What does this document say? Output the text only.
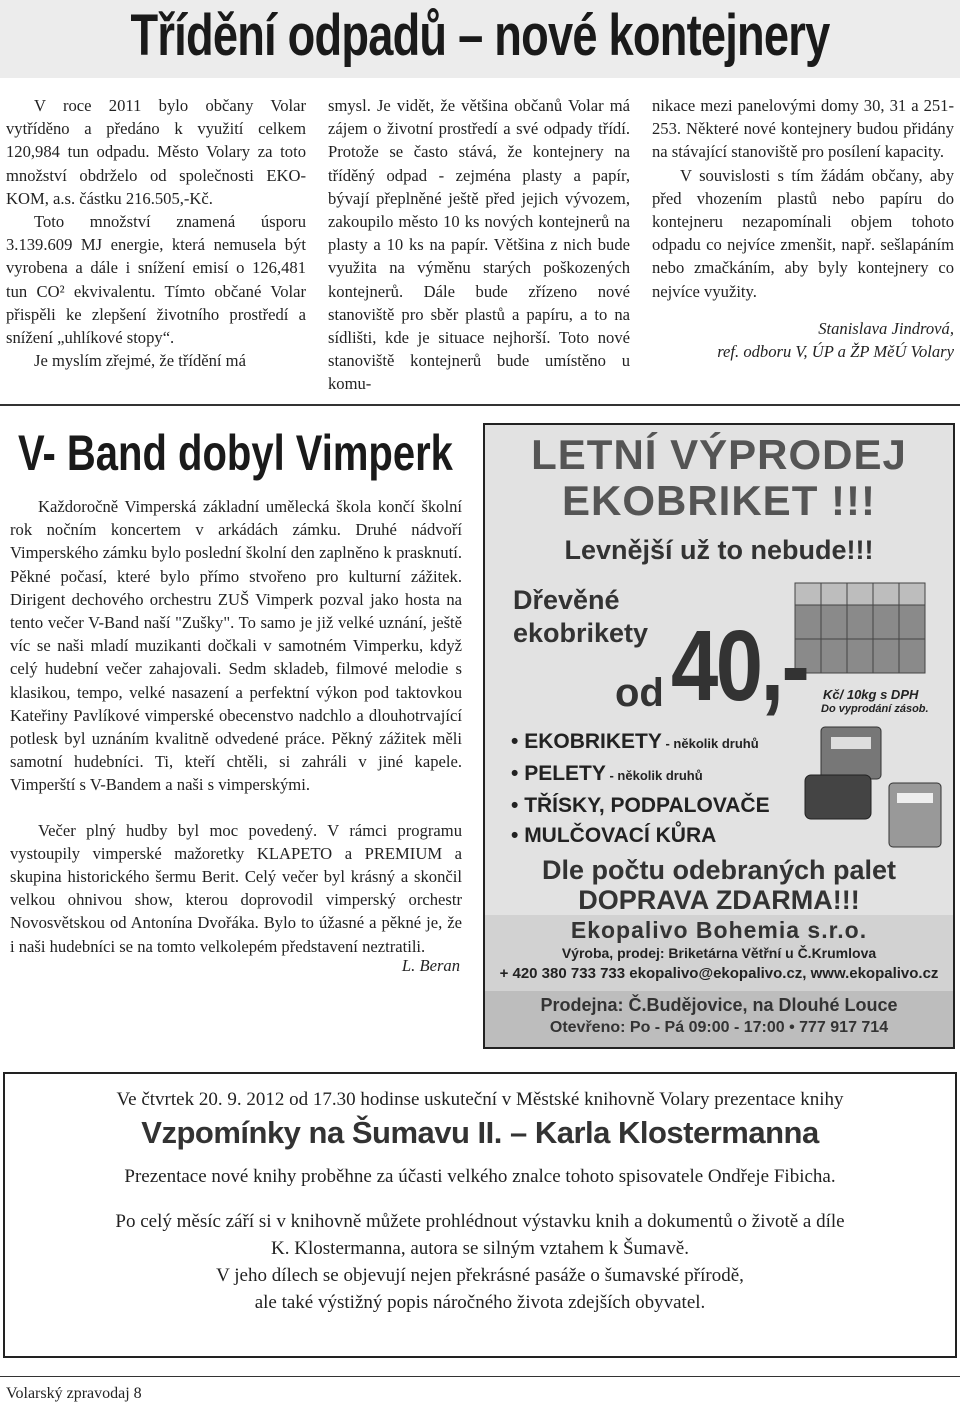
Třídění odpadů – nové kontejnery

V roce 2011 bylo občany Volar vytříděno a předáno k využití celkem 120,984 tun odpadu. Město Volary za toto množství obdrželo od společnosti EKO-KOM, a.s. částku 216.505,-Kč.

Toto množství znamená úsporu 3.139.609 MJ energie, která nemusela být vyrobena a dále i snížení emisí o 126,481 tun CO² ekvivalentu. Tímto občané Volar přispěli ke zlepšení životního prostředí a snížení „uhlíkové stopy“.

Je myslím zřejmé, že třídění má

smysl. Je vidět, že většina občanů Volar má zájem o životní prostředí a své odpady třídí. Protože se často stává, že kontejnery na tříděný odpad - zejména plasty a papír, bývají přeplněné ještě před jejich vývozem, zakoupilo město 10 ks nových kontejnerů na plasty a 10 ks na papír. Většina z nich bude využita na výměnu starých poškozených kontejnerů. Dále bude zřízeno nové stanoviště pro sběr plastů a papíru, a to na sídlišti, kde je situace nejhorší. Toto nové stanoviště kontejnerů bude umístěno u komu-

nikace mezi panelovými domy 30, 31 a 251-253. Některé nové kontejnery budou přidány na stávající stanoviště pro posílení kapacity.

V souvislosti s tím žádám občany, aby před vhozením plastů nebo papíru do kontejneru nezapomínali objem tohoto odpadu co nejvíce zmenšit, např. sešlapáním nebo zmačkáním, aby byly kontejnery co nejvíce využity.

Stanislava Jindrová,

ref. odboru V, ÚP a ŽP MěÚ Volary

V- Band dobyl Vimperk

Každoročně Vimperská základní umělecká škola končí školní rok nočním koncertem v arkádách zámku. Druhé nádvoří Vimperského zámku bylo poslední školní den zaplněno k prasknutí. Pěkné počasí, které bylo přímo stvořeno pro kulturní zážitek. Dirigent dechového orchestru ZUŠ Vimperk pozval jako hosta na tento večer V-Band naší "Zušky". To samo je již velké uznání, ještě víc se naši mladí muzikanti dočkali v samotném Vimperku, když celý hudební večer zahajovali. Sedm skladeb, filmové melodie s klasikou, tempo, velké nasazení a perfektní výkon pod taktovkou Kateřiny Pavlíkové vimperské obecenstvo nadchlo a dlouhotrvající potlesk byl uznáním kvalitně odvedené práce. Pěkný zážitek měli samotní hudebníci. Ti, kteří chtěli, si zahráli v jiné kapele. Vimperští s V-Bandem a naši s vimperskými.

Večer plný hudby byl moc povedený. V rámci programu vystoupily vimperské mažoretky KLAPETO a PREMIUM a skupina historického šermu Berit. Celý večer byl krásný a skončil velkou ohnivou show, kterou doprovodil vimperský orchestr Novosvětskou od Antonína Dvořáka. Bylo to úžasné a pěkné je, že i naši hudebníci se na tomto velkolepém představení neztratili.

L. Beran

LETNÍ VÝPRODEJ
EKOBRIKET !!!
Levnější už to nebude!!!
Dřevěné
ekobrikety
od 40,- Kč/ 10kg s DPH
Do vyprodání zásob.
• EKOBRIKETY - několik druhů
• PELETY - několik druhů
• TŘÍSKY, PODPALOVAČE
• MULČOVACÍ KŮRA
Dle počtu odebraných palet
DOPRAVA ZDARMA!!!
Ekopalivo Bohemia s.r.o.
Výroba, prodej: Briketárna Větřní u Č.Krumlova
+ 420 380 733 733 ekopalivo@ekopalivo.cz, www.ekopalivo.cz
Prodejna: Č.Budějovice, na Dlouhé Louce
Otevřeno: Po - Pá 09:00 - 17:00 • 777 917 714

Ve čtvrtek 20. 9. 2012 od 17.30 hodinse uskuteční v Městské knihovně Volary prezentace knihy

Vzpomínky na Šumavu II. – Karla Klostermanna

Prezentace nové knihy proběhne za účasti velkého znalce tohoto spisovatele Ondřeje Fibicha.

Po celý měsíc září si v knihovně můžete prohlédnout výstavku knih a dokumentů o životě a díle

K. Klostermanna, autora se silným vztahem k Šumavě.

V jeho dílech se objevují nejen překrásné pasáže o šumavské přírodě,

ale také výstižný popis náročného života zdejších obyvatel.

Volarský zpravodaj 8
